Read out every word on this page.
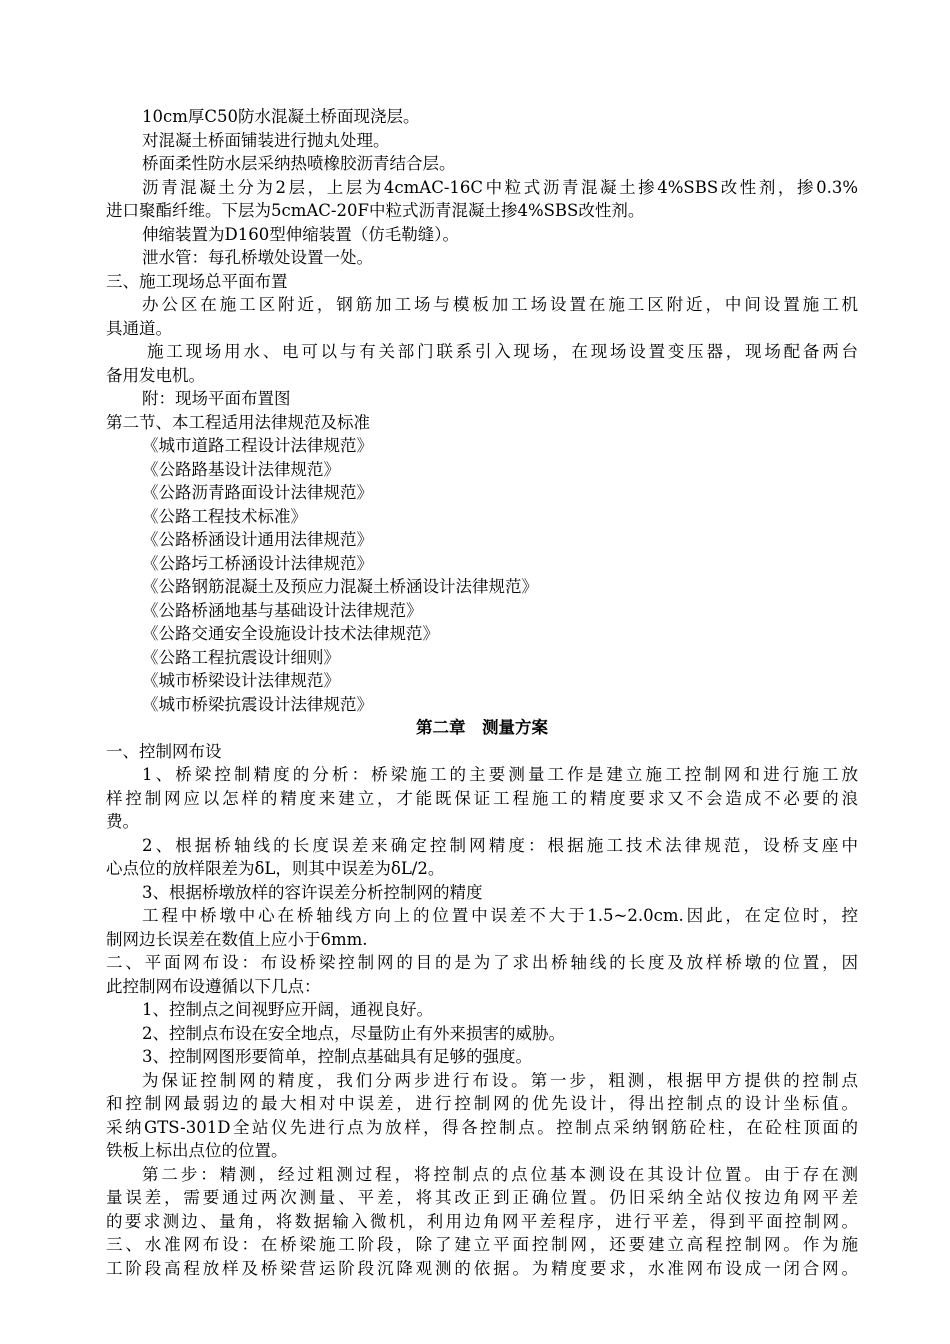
10cm厚C50防水混凝土桥面现浇层。
对混凝土桥面铺装进行抛丸处理。
桥面柔性防水层采纳热喷橡胶沥青结合层。
沥青混凝土分为2层，上层为4cmAC-16C中粒式沥青混凝土掺4%SBS改性剂，掺0.3%
进口聚酯纤维。下层为5cmAC-20F中粒式沥青混凝土掺4%SBS改性剂。
伸缩装置为D160型伸缩装置（仿毛勒缝）。
泄水管：每孔桥墩处设置一处。
三、施工现场总平面布置
办公区在施工区附近，钢筋加工场与模板加工场设置在施工区附近，中间设置施工机
具通道。
施工现场用水、电可以与有关部门联系引入现场，在现场设置变压器，现场配备两台
备用发电机。
附：现场平面布置图
第二节、本工程适用法律规范及标准
《城市道路工程设计法律规范》
《公路路基设计法律规范》
《公路沥青路面设计法律规范》
《公路工程技术标准》
《公路桥涵设计通用法律规范》
《公路圬工桥涵设计法律规范》
《公路钢筋混凝土及预应力混凝土桥涵设计法律规范》
《公路桥涵地基与基础设计法律规范》
《公路交通安全设施设计技术法律规范》
《公路工程抗震设计细则》
《城市桥梁设计法律规范》
《城市桥梁抗震设计法律规范》
第二章　测量方案
一、控制网布设
1、桥梁控制精度的分析：桥梁施工的主要测量工作是建立施工控制网和进行施工放
样控制网应以怎样的精度来建立，才能既保证工程施工的精度要求又不会造成不必要的浪
费。
2、根据桥轴线的长度误差来确定控制网精度：根据施工技术法律规范，设桥支座中
心点位的放样限差为δL，则其中误差为δL/2。
3、根据桥墩放样的容许误差分析控制网的精度
工程中桥墩中心在桥轴线方向上的位置中误差不大于1.5~2.0cm.因此，在定位时，控
制网边长误差在数值上应小于6mm.
二、平面网布设：布设桥梁控制网的目的是为了求出桥轴线的长度及放样桥墩的位置，因
此控制网布设遵循以下几点：
1、控制点之间视野应开阔，通视良好。
2、控制点布设在安全地点，尽量防止有外来损害的威胁。
3、控制网图形要简单，控制点基础具有足够的强度。
为保证控制网的精度，我们分两步进行布设。第一步，粗测，根据甲方提供的控制点
和控制网最弱边的最大相对中误差，进行控制网的优先设计，得出控制点的设计坐标值。
采纳GTS-301D全站仪先进行点为放样，得各控制点。控制点采纳钢筋砼柱，在砼柱顶面的
铁板上标出点位的位置。
第二步：精测，经过粗测过程，将控制点的点位基本测设在其设计位置。由于存在测
量误差，需要通过两次测量、平差，将其改正到正确位置。仍旧采纳全站仪按边角网平差
的要求测边、量角，将数据输入微机，利用边角网平差程序，进行平差，得到平面控制网。
三、水准网布设：在桥梁施工阶段，除了建立平面控制网，还要建立高程控制网。作为施
工阶段高程放样及桥梁营运阶段沉降观测的依据。为精度要求，水准网布设成一闭合网。
